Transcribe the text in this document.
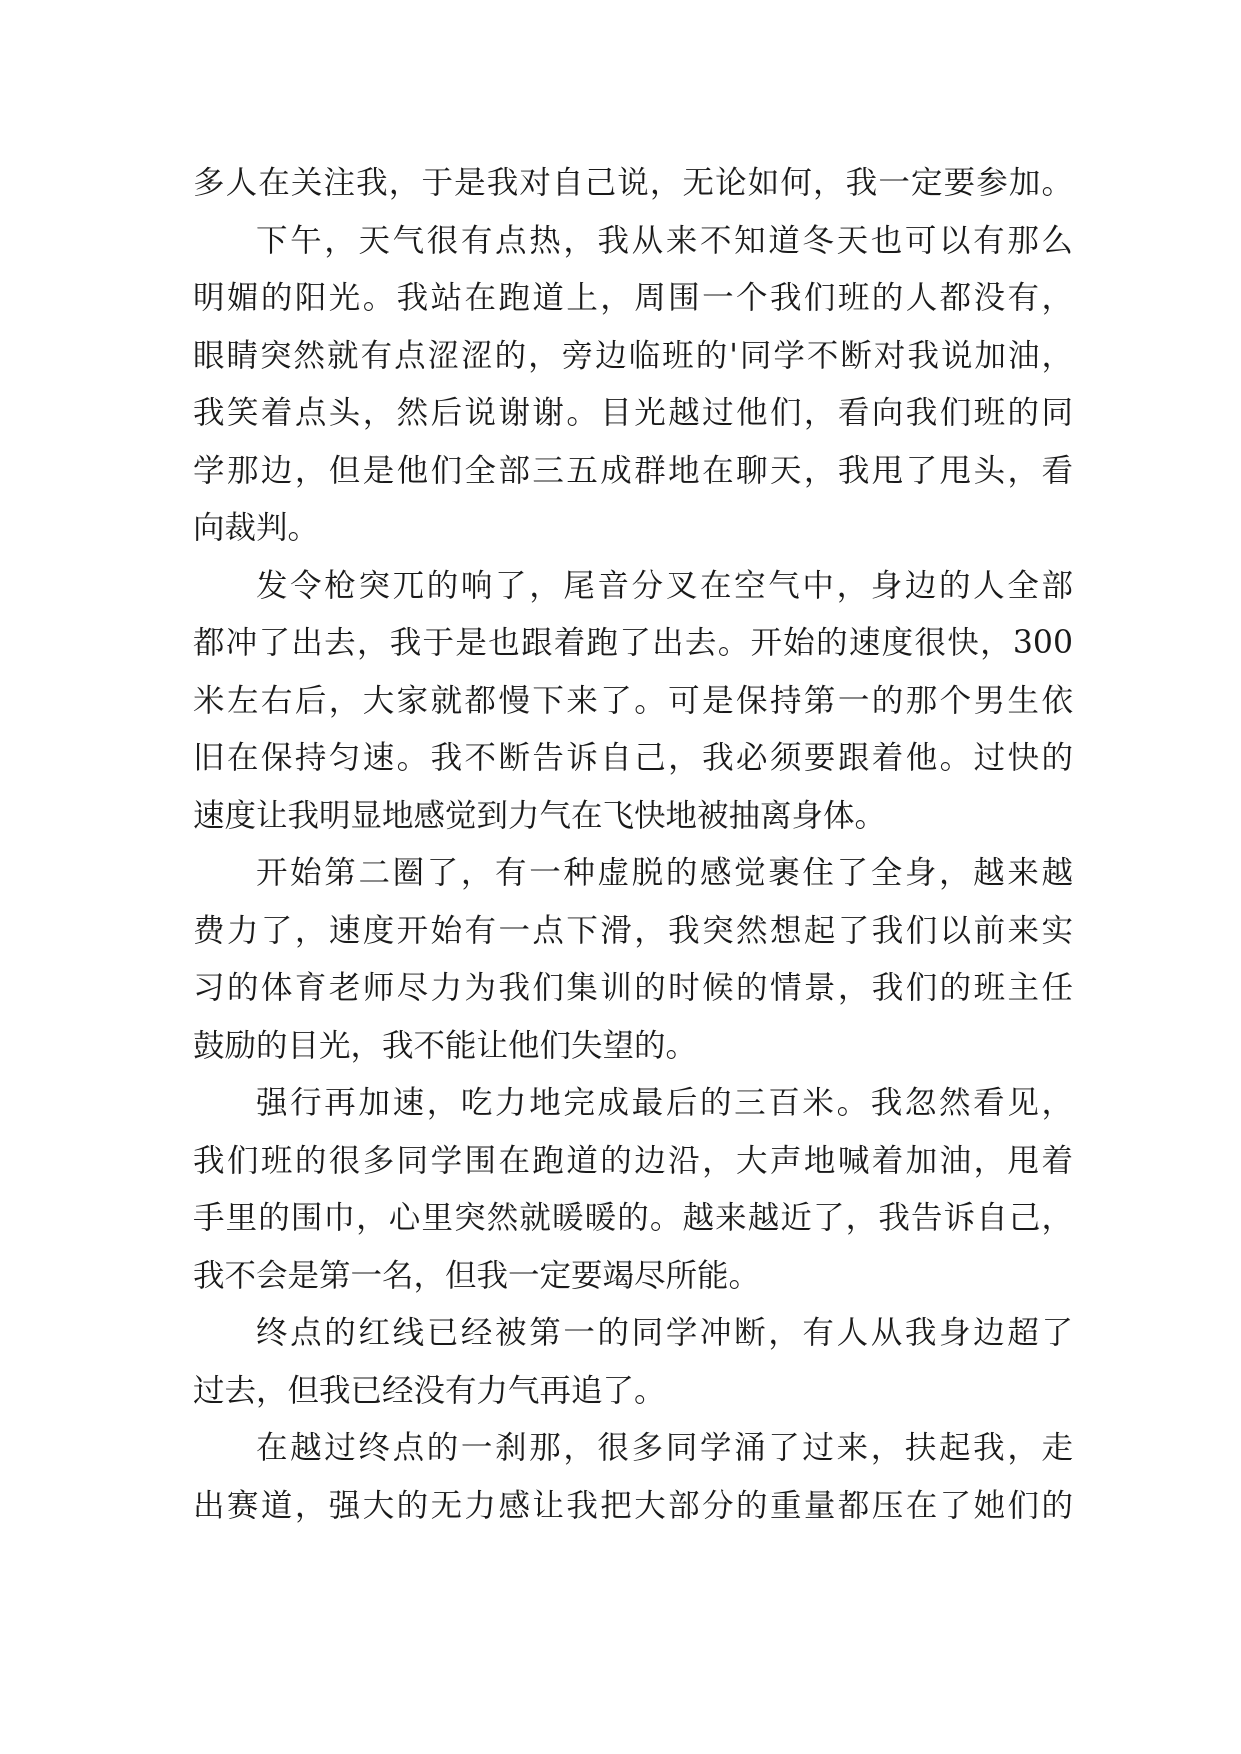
多人在关注我，于是我对自己说，无论如何，我一定要参加。
下午，天气很有点热，我从来不知道冬天也可以有那么
明媚的阳光。我站在跑道上，周围一个我们班的人都没有，
眼睛突然就有点涩涩的，旁边临班的'同学不断对我说加油，
我笑着点头，然后说谢谢。目光越过他们，看向我们班的同
学那边，但是他们全部三五成群地在聊天，我甩了甩头，看
向裁判。
发令枪突兀的响了，尾音分叉在空气中，身边的人全部
都冲了出去，我于是也跟着跑了出去。开始的速度很快，300
米左右后，大家就都慢下来了。可是保持第一的那个男生依
旧在保持匀速。我不断告诉自己，我必须要跟着他。过快的
速度让我明显地感觉到力气在飞快地被抽离身体。
开始第二圈了，有一种虚脱的感觉裹住了全身，越来越
费力了，速度开始有一点下滑，我突然想起了我们以前来实
习的体育老师尽力为我们集训的时候的情景，我们的班主任
鼓励的目光，我不能让他们失望的。
强行再加速，吃力地完成最后的三百米。我忽然看见，
我们班的很多同学围在跑道的边沿，大声地喊着加油，甩着
手里的围巾，心里突然就暖暖的。越来越近了，我告诉自己，
我不会是第一名，但我一定要竭尽所能。
终点的红线已经被第一的同学冲断，有人从我身边超了
过去，但我已经没有力气再追了。
在越过终点的一刹那，很多同学涌了过来，扶起我，走
出赛道，强大的无力感让我把大部分的重量都压在了她们的
